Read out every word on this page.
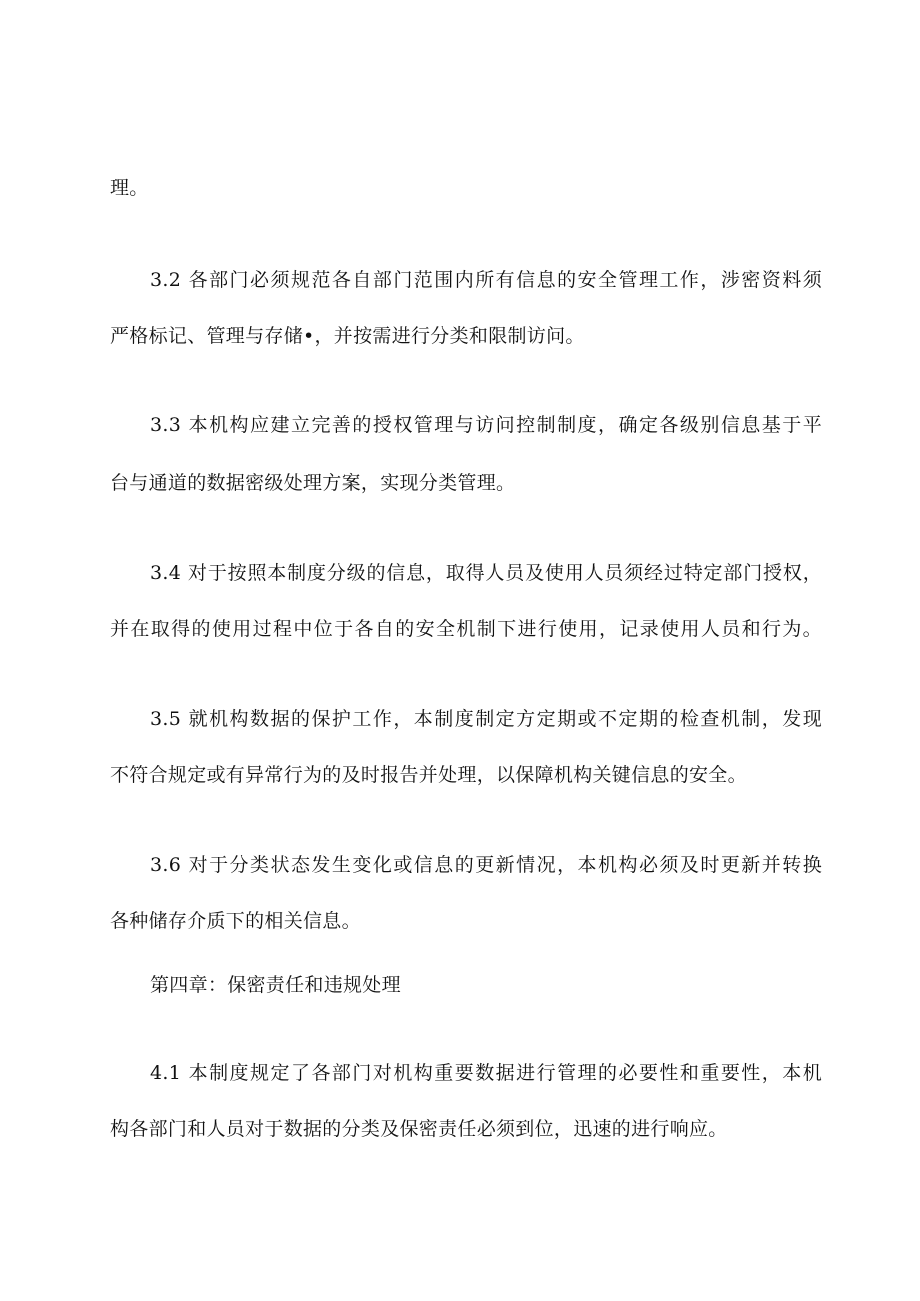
理。
3.2 各部门必须规范各自部门范围内所有信息的安全管理工作，涉密资料须
严格标记、管理与存储•，并按需进行分类和限制访问。
3.3 本机构应建立完善的授权管理与访问控制制度，确定各级别信息基于平
台与通道的数据密级处理方案，实现分类管理。
3.4 对于按照本制度分级的信息，取得人员及使用人员须经过特定部门授权，
并在取得的使用过程中位于各自的安全机制下进行使用，记录使用人员和行为。
3.5 就机构数据的保护工作，本制度制定方定期或不定期的检查机制，发现
不符合规定或有异常行为的及时报告并处理，以保障机构关键信息的安全。
3.6 对于分类状态发生变化或信息的更新情况，本机构必须及时更新并转换
各种储存介质下的相关信息。
第四章：保密责任和违规处理
4.1 本制度规定了各部门对机构重要数据进行管理的必要性和重要性，本机
构各部门和人员对于数据的分类及保密责任必须到位，迅速的进行响应。
